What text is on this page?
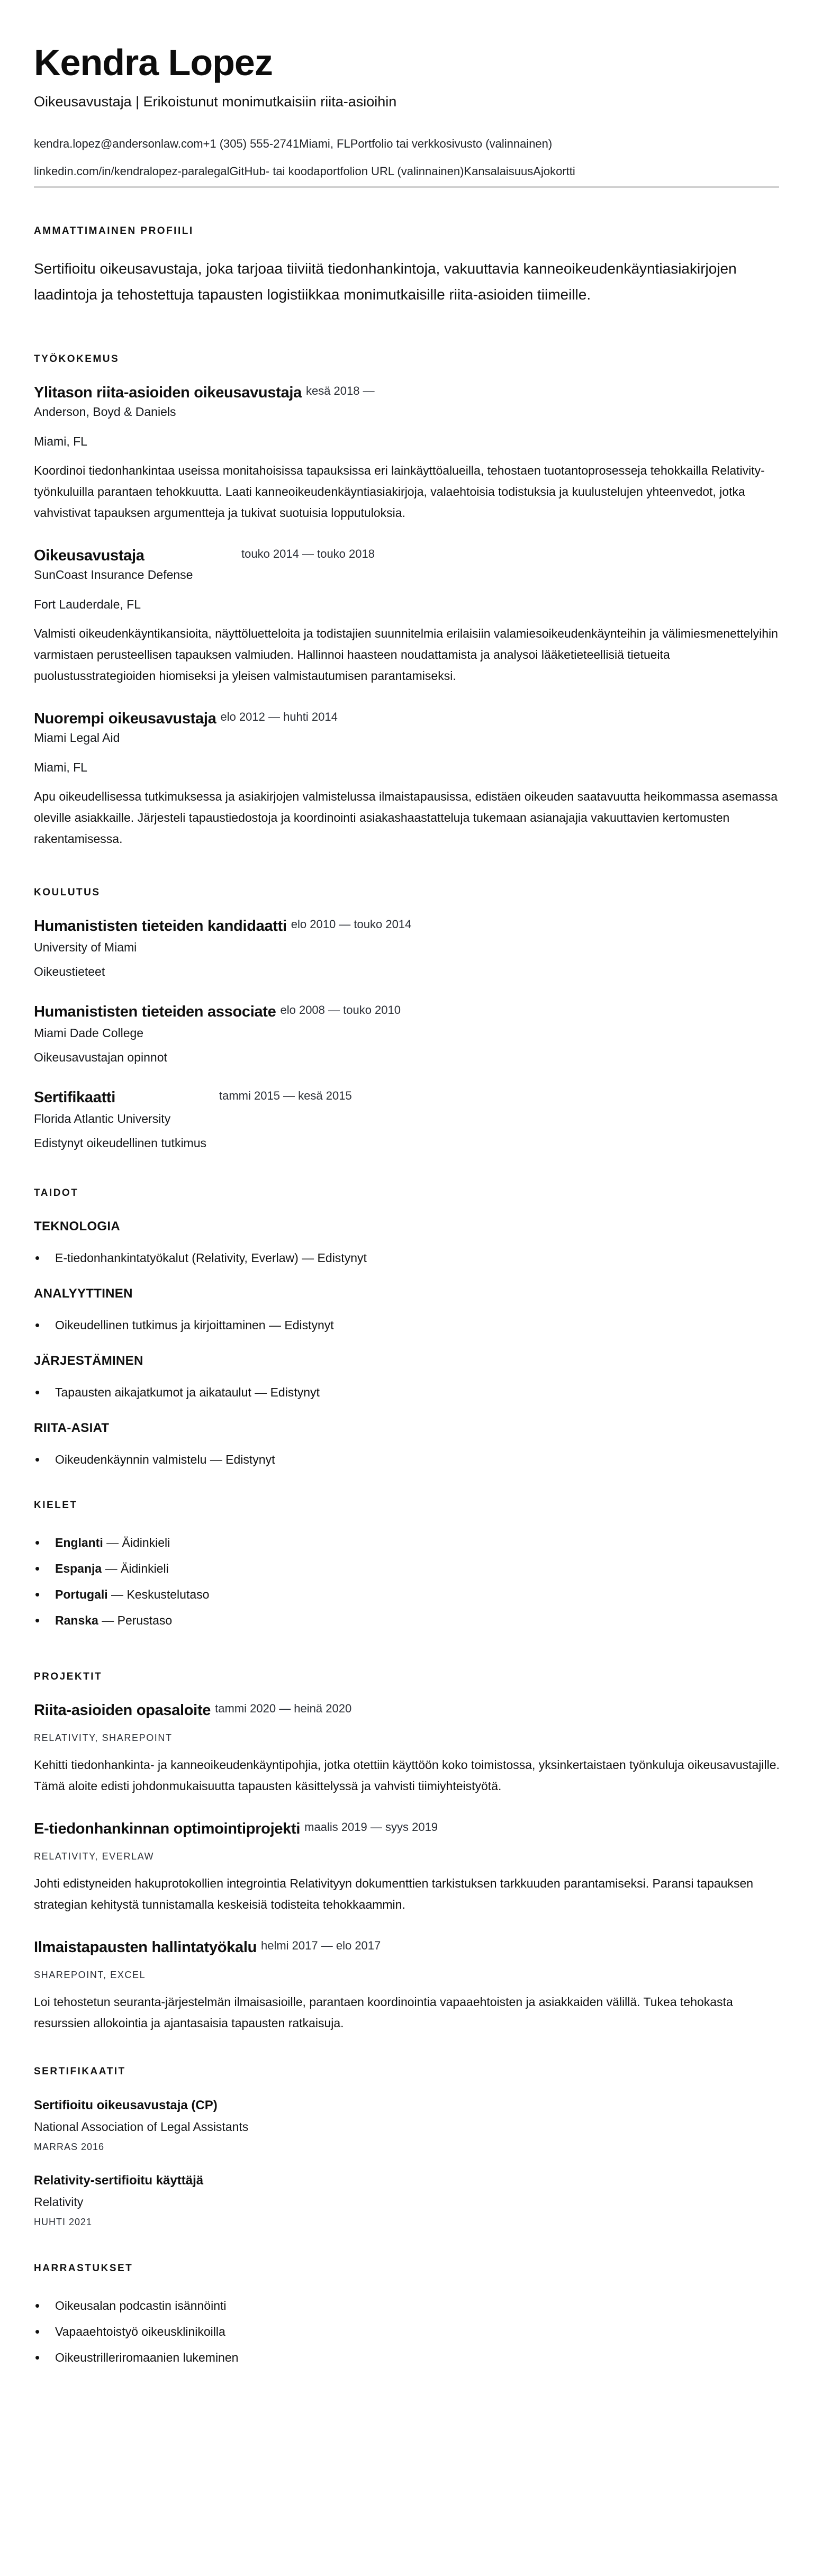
Kendra Lopez
Oikeusavustaja | Erikoistunut monimutkaisiin riita-asioihin
kendra.lopez@andersonlaw.com+1 (305) 555-2741Miami, FLPortfolio tai verkkosivusto (valinnainen)
linkedin.com/in/kendralopez-paralegalGitHub- tai koodaportfolion URL (valinnainen)KansalaisuusAjokortti
AMMATTIMAINEN PROFIILI

Sertifioitu oikeusavustaja, joka tarjoaa tiiviitä tiedonhankintoja, vakuuttavia kanneoikeudenkäyntiasiakirjojen laadintoja ja tehostettuja tapausten logistiikkaa monimutkaisille riita-asioiden tiimeille.

TYÖKOKEMUS
Ylitason riita-asioiden oikeusavustaja kesä 2018 —
Anderson, Boyd & Daniels
Miami, FL

Koordinoi tiedonhankintaa useissa monitahoisissa tapauksissa eri lainkäyttöalueilla, tehostaen tuotantoprosesseja tehokkailla Relativity-työnkuluilla parantaen tehokkuutta. Laati kanneoikeudenkäyntiasiakirjoja, valaehtoisia todistuksia ja kuulustelujen yhteenvedot, jotka vahvistivat tapauksen argumentteja ja tukivat suotuisia lopputuloksia.

Oikeusavustaja	touko 2014 — touko 2018
SunCoast Insurance Defense
Fort Lauderdale, FL

Valmisti oikeudenkäyntikansioita, näyttöluetteloita ja todistajien suunnitelmia erilaisiin valamiesoikeudenkäynteihin ja välimiesmenettelyihin varmistaen perusteellisen tapauksen valmiuden. Hallinnoi haasteen noudattamista ja analysoi lääketieteellisiä tietueita puolustusstrategioiden hiomiseksi ja yleisen valmistautumisen parantamiseksi.

Nuorempi oikeusavustaja elo 2012 — huhti 2014
Miami Legal Aid
Miami, FL

Apu oikeudellisessa tutkimuksessa ja asiakirjojen valmistelussa ilmaistapausissa, edistäen oikeuden saatavuutta heikommassa asemassa oleville asiakkaille. Järjesteli tapaustiedostoja ja koordinointi asiakashaastatteluja tukemaan asianajajia vakuuttavien kertomusten rakentamisessa.

KOULUTUS
Humanististen tieteiden kandidaatti elo 2010 — touko 2014
University of Miami
Oikeustieteet
Humanististen tieteiden associate elo 2008 — touko 2010
Miami Dade College
Oikeusavustajan opinnot
Sertifikaatti	tammi 2015 — kesä 2015
Florida Atlantic University
Edistynyt oikeudellinen tutkimus
TAIDOT
TEKNOLOGIA
• E-tiedonhankintatyökalut (Relativity, Everlaw) — Edistynyt
ANALYYTTINEN
• Oikeudellinen tutkimus ja kirjoittaminen — Edistynyt
JÄRJESTÄMINEN
• Tapausten aikajatkumot ja aikataulut — Edistynyt
RIITA-ASIAT
• Oikeudenkäynnin valmistelu — Edistynyt
KIELET
• Englanti — Äidinkieli
• Espanja — Äidinkieli
• Portugali — Keskustelutaso
• Ranska — Perustaso
PROJEKTIT
Riita-asioiden opasaloite tammi 2020 — heinä 2020
RELATIVITY, SHAREPOINT

Kehitti tiedonhankinta- ja kanneoikeudenkäyntipohjia, jotka otettiin käyttöön koko toimistossa, yksinkertaistaen työnkuluja oikeusavustajille. Tämä aloite edisti johdonmukaisuutta tapausten käsittelyssä ja vahvisti tiimiyhteistyötä.

E-tiedonhankinnan optimointiprojekti maalis 2019 — syys 2019
RELATIVITY, EVERLAW

Johti edistyneiden hakuprotokollien integrointia Relativityyn dokumenttien tarkistuksen tarkkuuden parantamiseksi. Paransi tapauksen strategian kehitystä tunnistamalla keskeisiä todisteita tehokkaammin.

Ilmaistapausten hallintatyökalu helmi 2017 — elo 2017
SHAREPOINT, EXCEL

Loi tehostetun seuranta-järjestelmän ilmaisasioille, parantaen koordinointia vapaaehtoisten ja asiakkaiden välillä. Tukea tehokasta resurssien allokointia ja ajantasaisia tapausten ratkaisuja.

SERTIFIKAATIT
Sertifioitu oikeusavustaja (CP)
National Association of Legal Assistants
MARRAS 2016
Relativity-sertifioitu käyttäjä
Relativity
HUHTI 2021
HARRASTUKSET
• Oikeusalan podcastin isännöinti
• Vapaaehtoistyö oikeusklinikoilla
• Oikeustrilleriromaanien lukeminen
